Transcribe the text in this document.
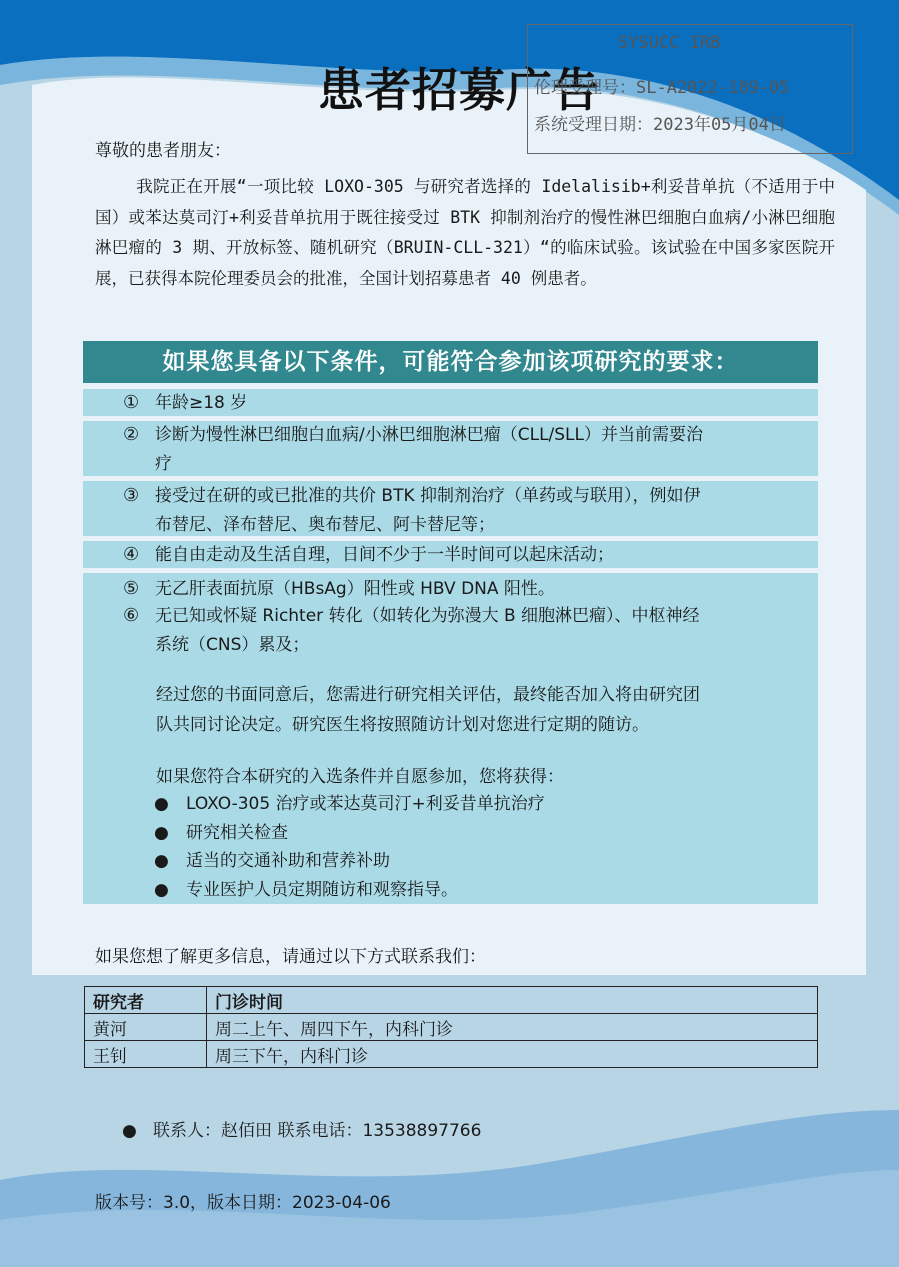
患者招募广告
SYSUCC IRB
伦理受理号：SL-A2022-189-05
系统受理日期：2023年05月04日
尊敬的患者朋友：

我院正在开展“一项比较 LOXO-305 与研究者选择的 Idelalisib+利妥昔单抗（不适用于中国）或苯达莫司汀+利妥昔单抗用于既往接受过 BTK 抑制剂治疗的慢性淋巴细胞白血病/小淋巴细胞淋巴瘤的 3 期、开放标签、随机研究（BRUIN-CLL-321）“的临床试验。该试验在中国多家医院开展，已获得本院伦理委员会的批准，全国计划招募患者 40 例患者。

如果您具备以下条件，可能符合参加该项研究的要求：
① 年龄≥18 岁
② 诊断为慢性淋巴细胞白血病/小淋巴细胞淋巴瘤（CLL/SLL）并当前需要治
疗
③ 接受过在研的或已批准的共价 BTK 抑制剂治疗（单药或与联用），例如伊
布替尼、泽布替尼、奥布替尼、阿卡替尼等；
④ 能自由走动及生活自理，日间不少于一半时间可以起床活动；
⑤ 无乙肝表面抗原（HBsAg）阳性或 HBV DNA 阳性。
⑥ 无已知或怀疑 Richter 转化（如转化为弥漫大 B 细胞淋巴瘤）、中枢神经
系统（CNS）累及；
经过您的书面同意后，您需进行研究相关评估，最终能否加入将由研究团
队共同讨论决定。研究医生将按照随访计划对您进行定期的随访。
如果您符合本研究的入选条件并自愿参加，您将获得：
● LOXO-305 治疗或苯达莫司汀+利妥昔单抗治疗
● 研究相关检查
● 适当的交通补助和营养补助
● 专业医护人员定期随访和观察指导。
如果您想了解更多信息，请通过以下方式联系我们：
研究者	门诊时间
黄河	周二上午、周四下午，内科门诊
王钊	周三下午，内科门诊
●   联系人：赵佰田 联系电话：13538897766
版本号：3.0，版本日期：2023-04-06
